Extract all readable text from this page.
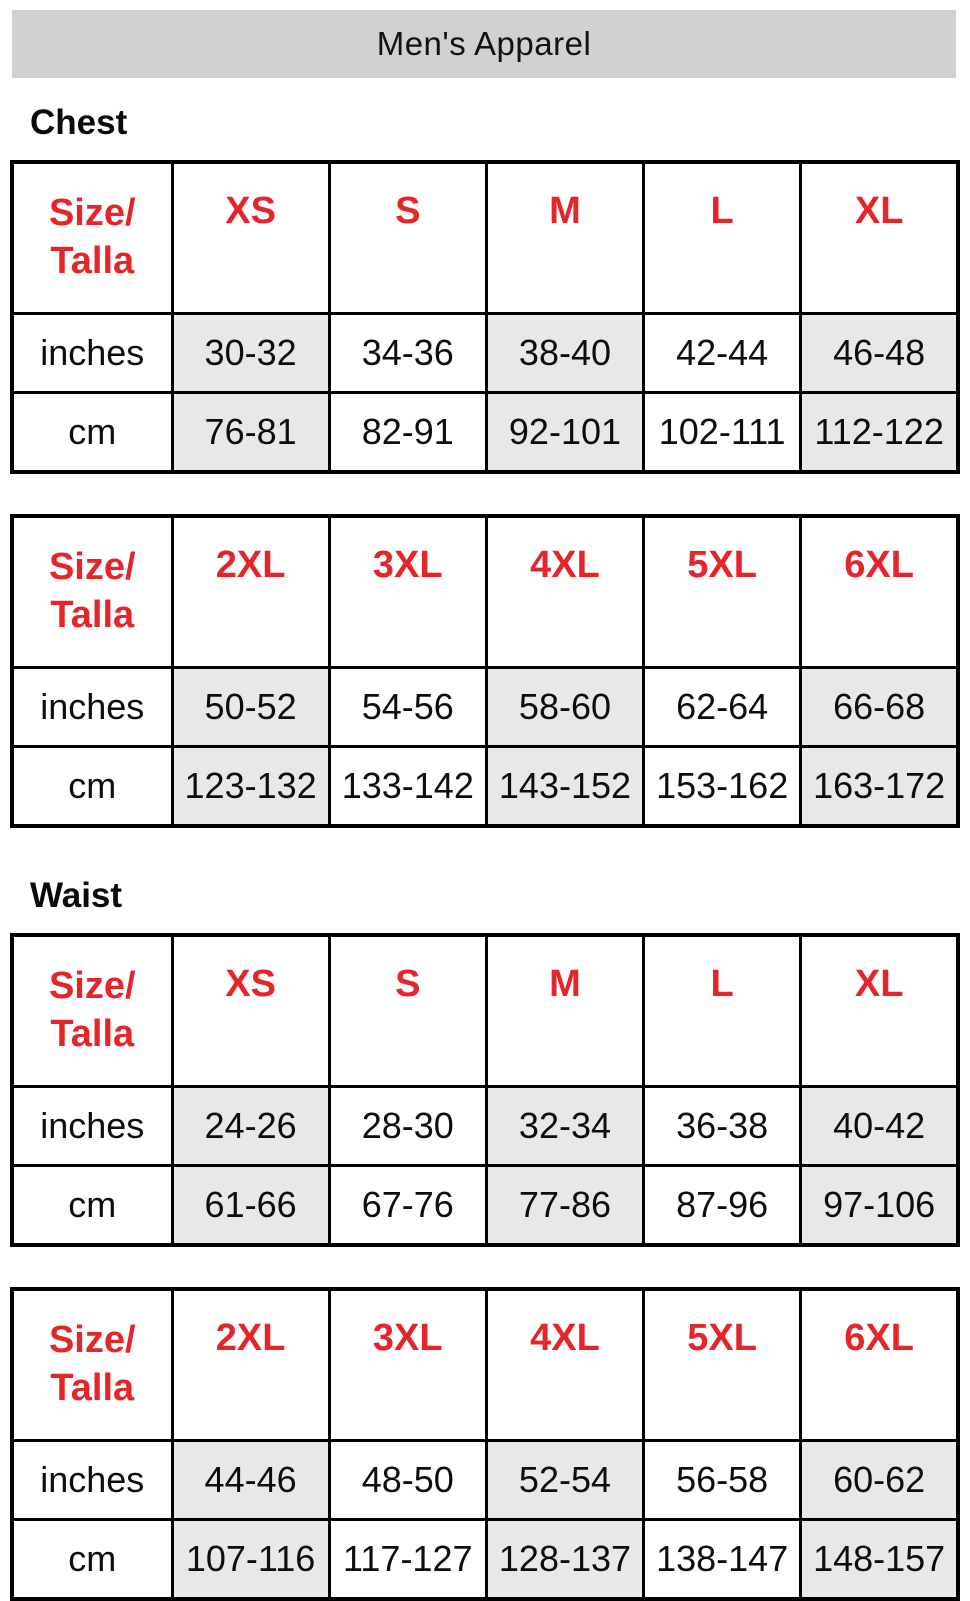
Men's Apparel
Chest
Size/
Talla	XS	S	M	L	XL
inches	30-32	34-36	38-40	42-44	46-48
cm	76-81	82-91	92-101	102-111	112-122
Size/
Talla	2XL	3XL	4XL	5XL	6XL
inches	50-52	54-56	58-60	62-64	66-68
cm	123-132	133-142	143-152	153-162	163-172
Waist
Size/
Talla	XS	S	M	L	XL
inches	24-26	28-30	32-34	36-38	40-42
cm	61-66	67-76	77-86	87-96	97-106
Size/
Talla	2XL	3XL	4XL	5XL	6XL
inches	44-46	48-50	52-54	56-58	60-62
cm	107-116	117-127	128-137	138-147	148-157
